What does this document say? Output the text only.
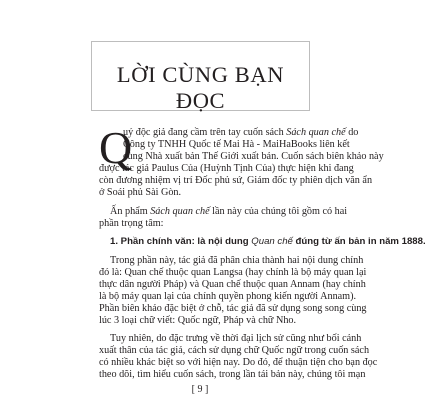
LỜI CÙNG BẠN ĐỌC
Q
uý độc giả đang cầm trên tay cuốn sách Sách quan chế do
Công ty TNHH Quốc tế Mai Hà - MaiHaBooks liên kết
cùng Nhà xuất bản Thế Giới xuất bản. Cuốn sách biên khảo này
được tác giả Paulus Của (Huỳnh Tịnh Của) thực hiện khi đang
còn đương nhiệm vị trí Đốc phủ sứ, Giám đốc ty phiên dịch văn ẩn
ở Soái phủ Sài Gòn.
Ấn phẩm Sách quan chế lần này của chúng tôi gồm có hai
phần trọng tâm:
1. Phần chính văn: là nội dung Quan chế đúng từ ấn bản in năm 1888.
Trong phần này, tác giả đã phân chia thành hai nội dung chính
đó là: Quan chế thuộc quan Langsa (hay chính là bộ máy quan lại
thực dân người Pháp) và Quan chế thuộc quan Annam (hay chính
là bộ máy quan lại của chính quyền phong kiến người Annam).
Phần biên khảo đặc biệt ở chỗ, tác giả đã sử dụng song song cùng
lúc 3 loại chữ viết: Quốc ngữ, Pháp và chữ Nho.
Tuy nhiên, do đặc trưng về thời đại lịch sử cũng như bối cảnh
xuất thân của tác giả, cách sử dụng chữ Quốc ngữ trong cuốn sách
có nhiều khác biệt so với hiện nay. Do đó, để thuận tiện cho bạn đọc
theo dõi, tìm hiểu cuốn sách, trong lần tái bản này, chúng tôi mạn
[ 9 ]
